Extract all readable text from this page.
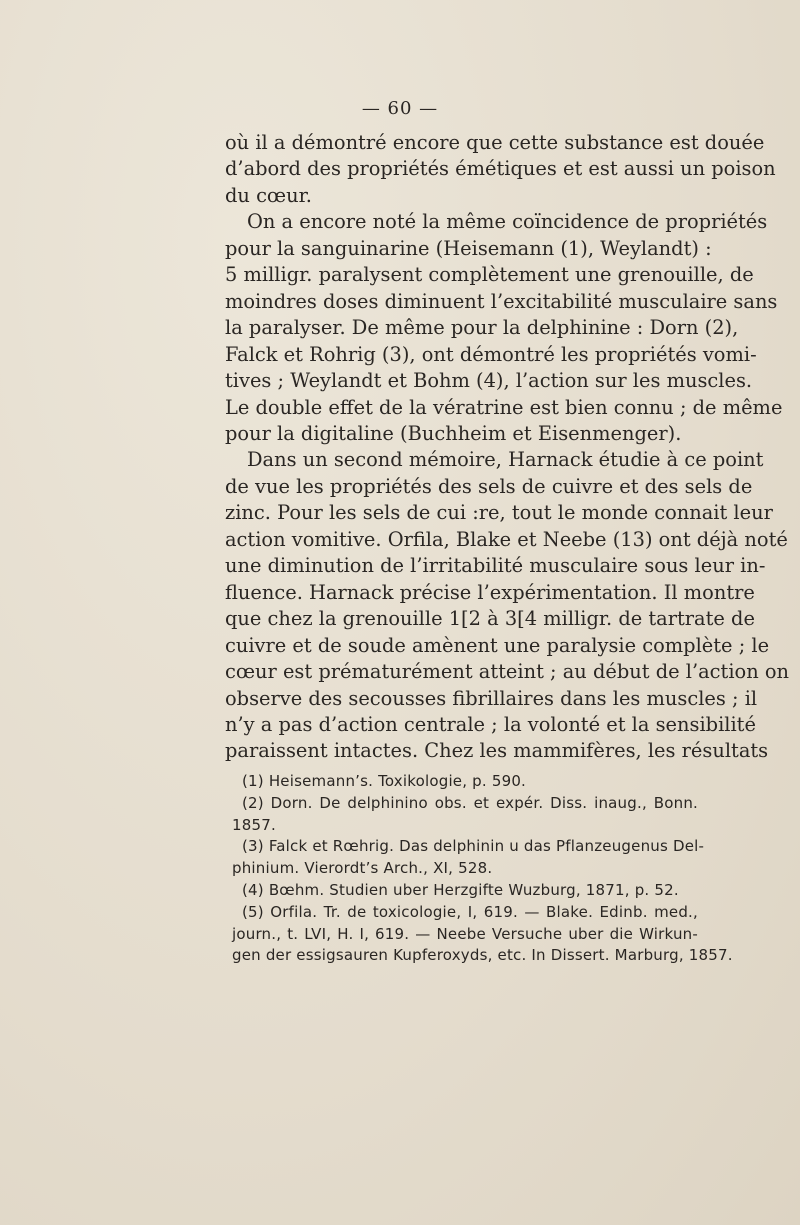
— 60 —

où il a démontré encore que cette substance est douée
d’abord des propriétés émétiques et est aussi un poison
du cœur.

On a encore noté la même coïncidence de propriétés
pour la sanguinarine (Heisemann (1), Weylandt) :
5 milligr. paralysent complètement une grenouille, de
moindres doses diminuent l’excitabilité musculaire sans
la paralyser. De même pour la delphinine : Dorn (2),
Falck et Rohrig (3), ont démontré les propriétés vomi-
tives ; Weylandt et Bohm (4), l’action sur les muscles.
Le double effet de la vératrine est bien connu ; de même
pour la digitaline (Buchheim et Eisenmenger).

Dans un second mémoire, Harnack étudie à ce point
de vue les propriétés des sels de cuivre et des sels de
zinc. Pour les sels de cui :re, tout le monde connait leur
action vomitive. Orfila, Blake et Neebe (13) ont déjà noté
une diminution de l’irritabilité musculaire sous leur in-
fluence. Harnack précise l’expérimentation. Il montre
que chez la grenouille 1[2 à 3[4 milligr. de tartrate de
cuivre et de soude amènent une paralysie complète ; le
cœur est prématurément atteint ; au début de l’action on
observe des secousses fibrillaires dans les muscles ; il
n’y a pas d’action centrale ; la volonté et la sensibilité
paraissent intactes. Chez les mammifères, les résultats

(1) Heisemann’s. Toxikologie, p. 590.
(2) Dorn. De delphinino obs. et expér. Diss. inaug., Bonn.
1857.
(3) Falck et Rœhrig. Das delphinin u das Pflanzeugenus Del-
phinium. Vierordt’s Arch., XI, 528.
(4) Bœhm. Studien uber Herzgifte Wuzburg, 1871, p. 52.
(5) Orfila. Tr. de toxicologie, I, 619. — Blake. Edinb. med.,
journ., t. LVI, H. I, 619. — Neebe Versuche uber die Wirkun-
gen der essigsauren Kupferoxyds, etc. In Dissert. Marburg, 1857.
